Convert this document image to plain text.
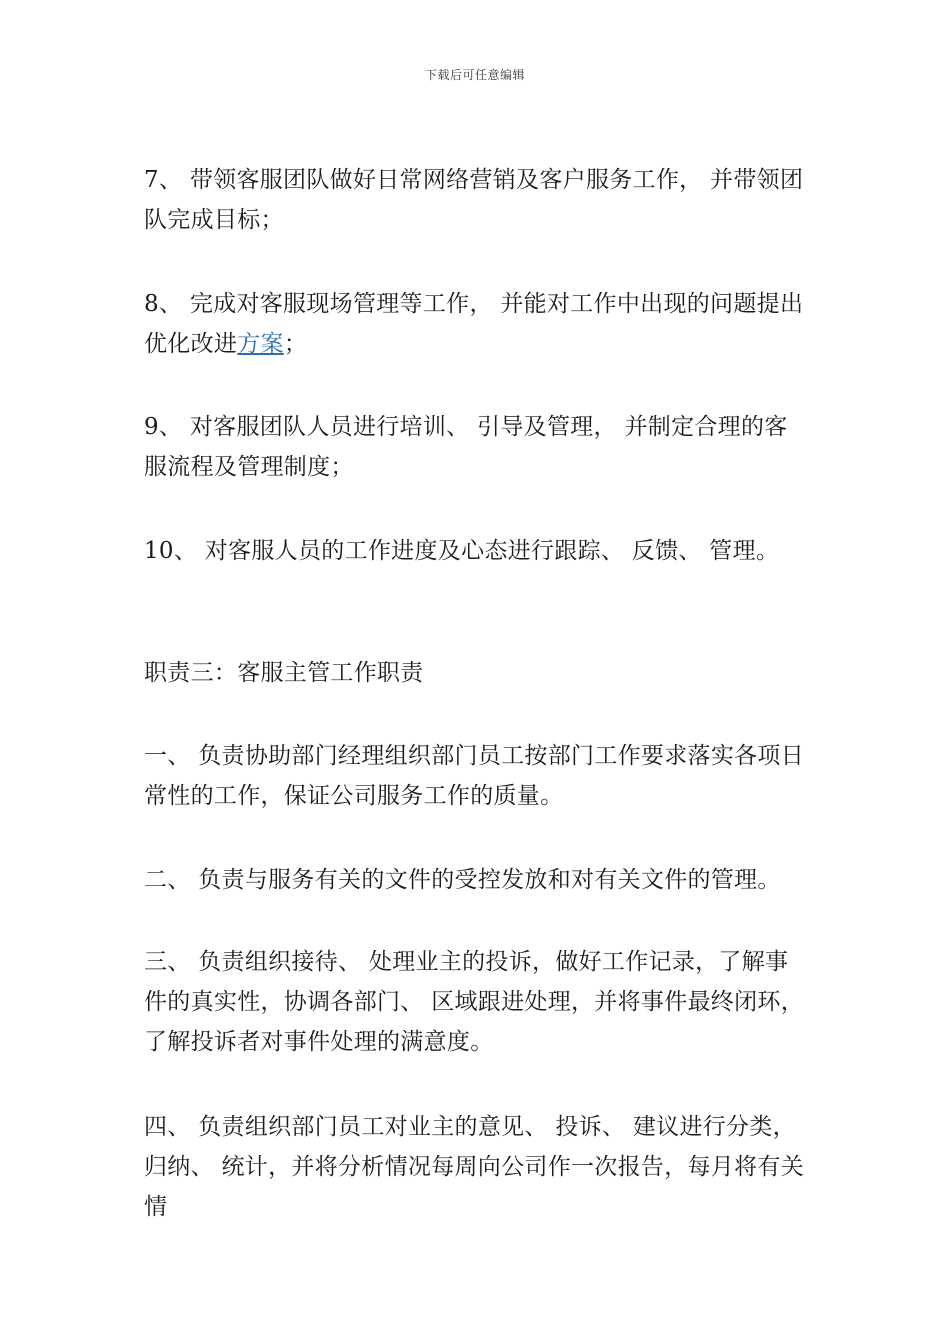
下载后可任意编辑

7、 带领客服团队做好日常网络营销及客户服务工作， 并带领团队完成目标；

8、 完成对客服现场管理等工作， 并能对工作中出现的问题提出优化改进方案；

9、 对客服团队人员进行培训、 引导及管理， 并制定合理的客服流程及管理制度；

10、 对客服人员的工作进度及心态进行跟踪、 反馈、 管理。

职责三：客服主管工作职责

一、 负责协助部门经理组织部门员工按部门工作要求落实各项日常性的工作，保证公司服务工作的质量。

二、 负责与服务有关的文件的受控发放和对有关文件的管理。

三、 负责组织接待、 处理业主的投诉，做好工作记录，了解事件的真实性，协调各部门、 区域跟进处理，并将事件最终闭环，了解投诉者对事件处理的满意度。

四、 负责组织部门员工对业主的意见、 投诉、 建议进行分类，归纳、 统计，并将分析情况每周向公司作一次报告，每月将有关情
